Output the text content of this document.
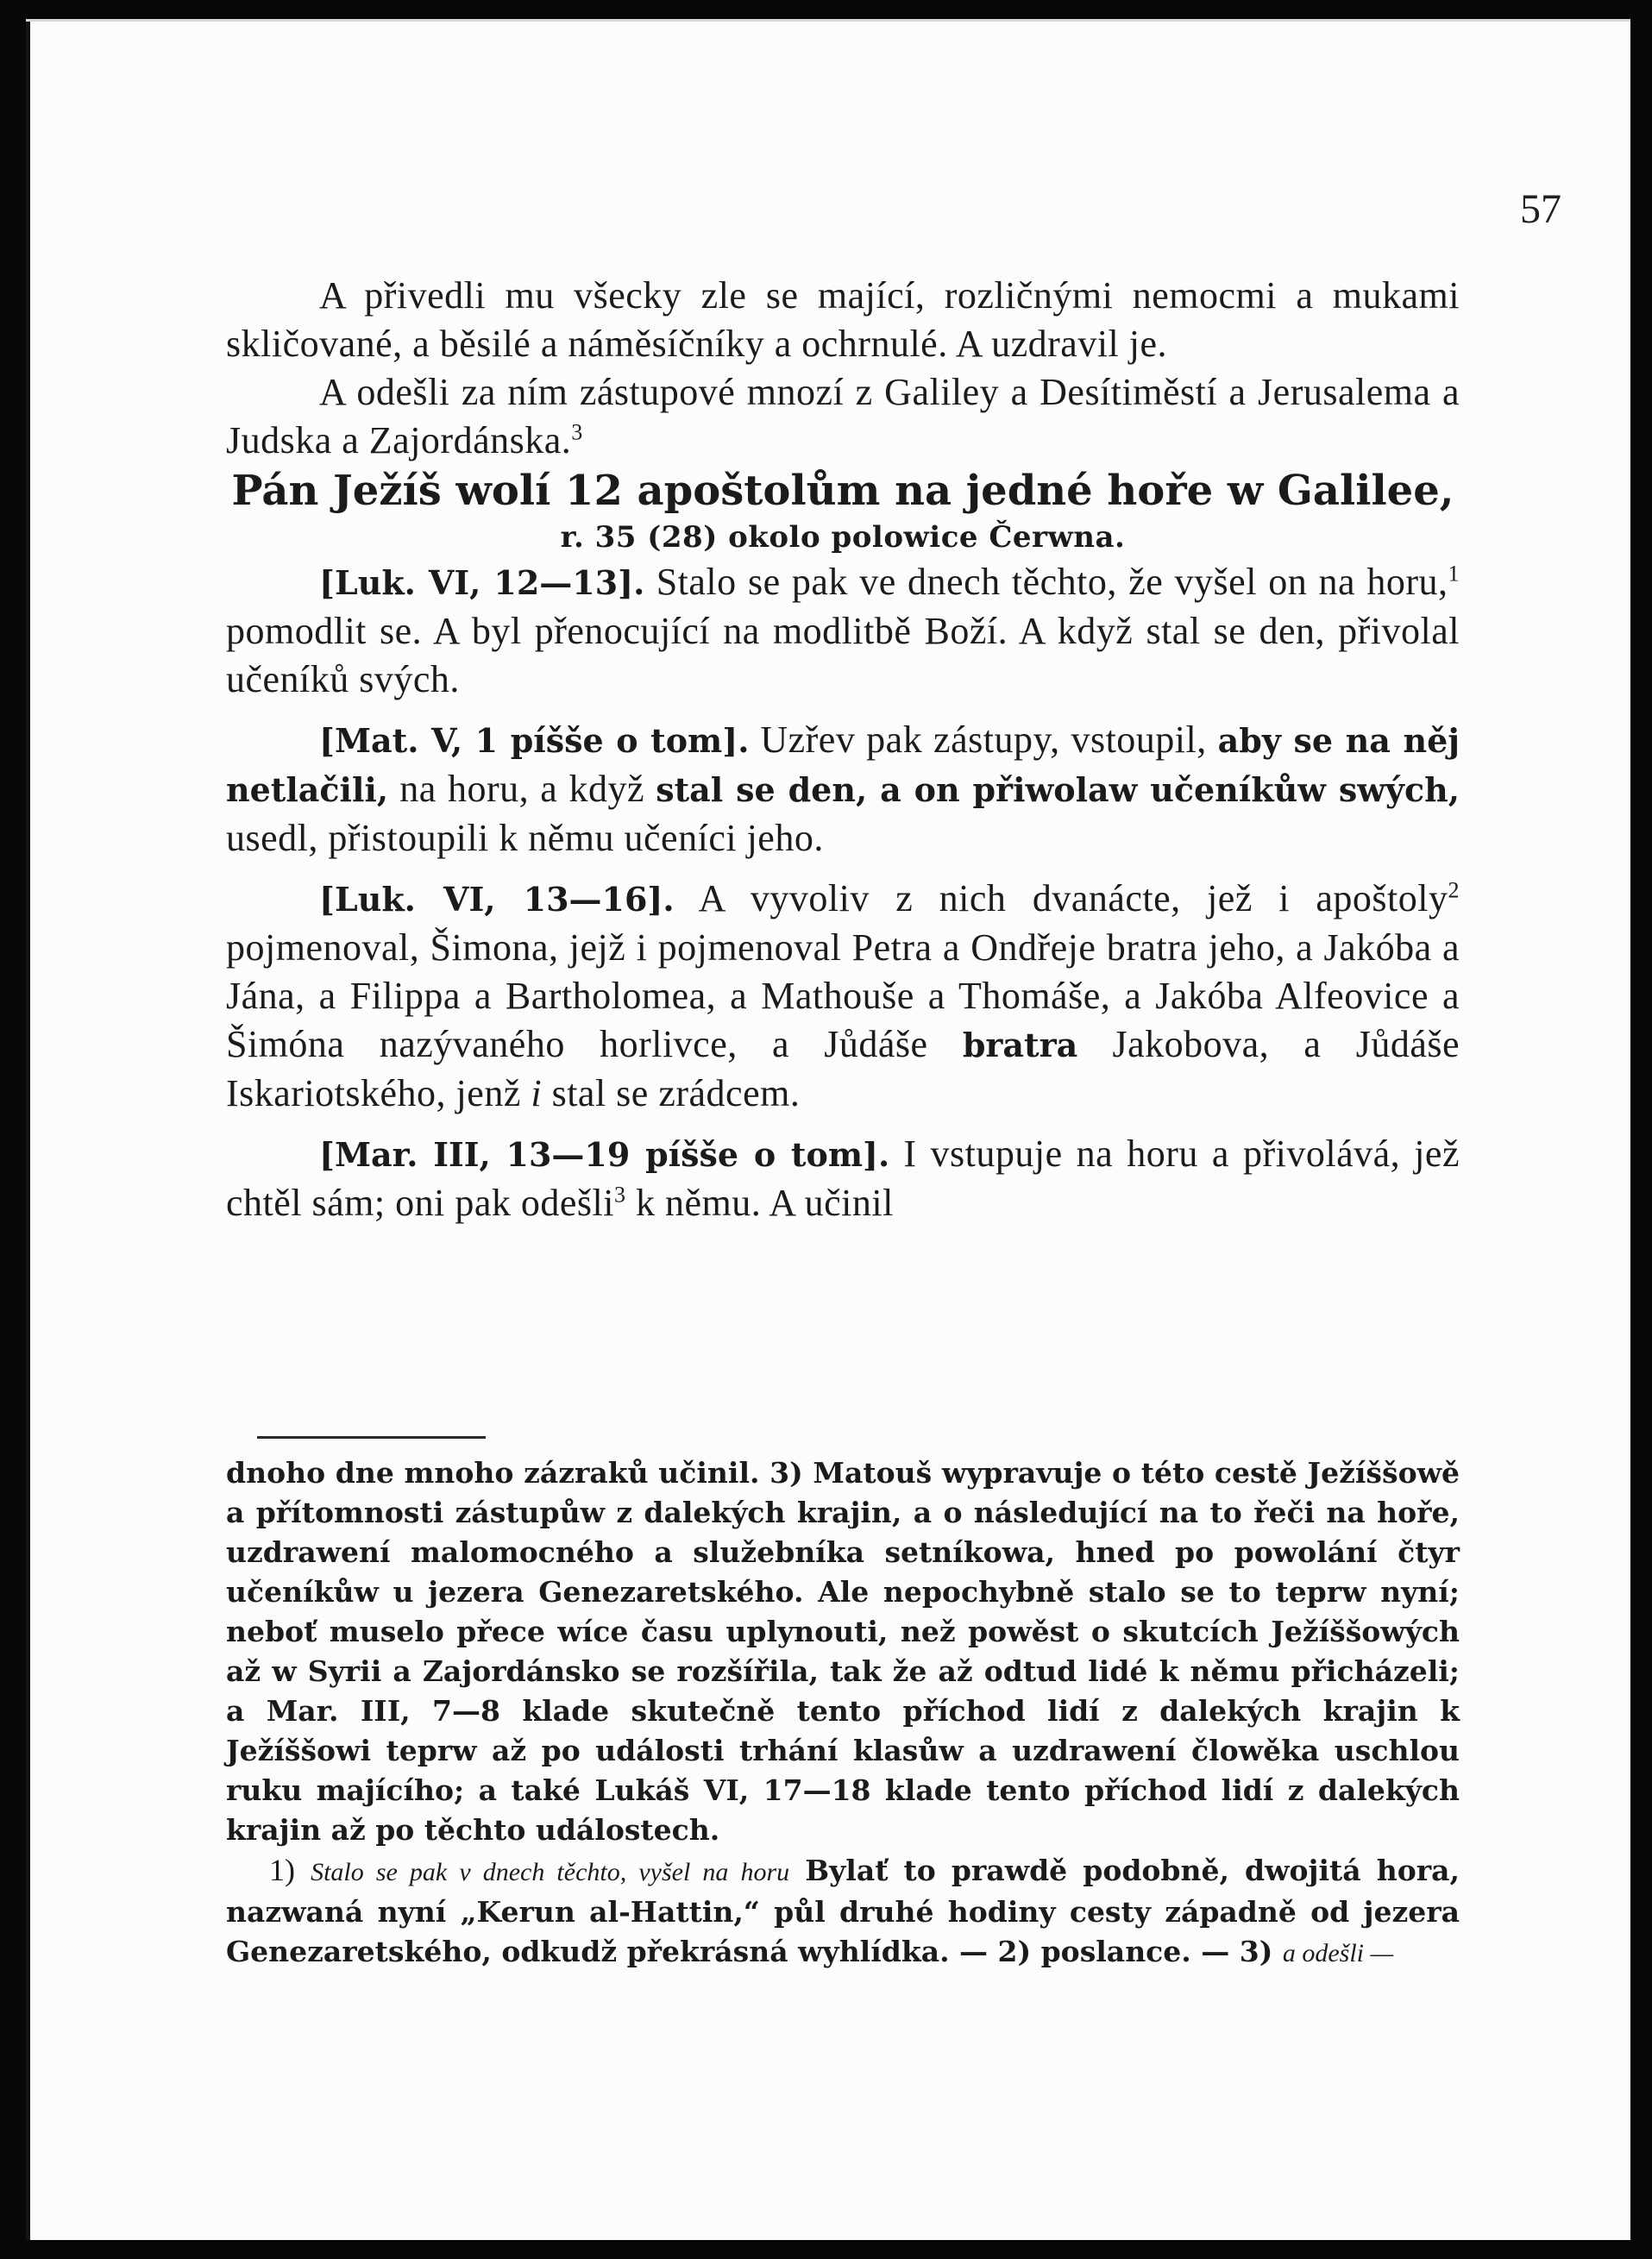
57

A přivedli mu všecky zle se mající, rozličnými nemocmi a mukami skličované, a běsilé a náměsíčníky a ochrnulé. A uzdravil je.

A odešli za ním zástupové mnozí z Galiley a Desítiměstí a Jerusalema a Judska a Zajordánska.$^3$

Pán Ježíš wolí 12 apoštolům na jedné hoře w Galilee,

r. 35 (28) okolo polowice Čerwna.

[Luk. VI, 12—13]. Stalo se pak ve dnech těchto, že vyšel on na horu,$^1$ pomodlit se. A byl přenocující na modlitbě Boží. A když stal se den, přivolal učeníků svých.

[Mat. V, 1 píšše o tom]. Uzřev pak zástupy, vstoupil, aby se na něj netlačili, na horu, a když stal se den, a on přiwolaw učeníkůw swých, usedl, přistoupili k němu učeníci jeho.

[Luk. VI, 13—16]. A vyvoliv z nich dvanácte, jež i apoštoly$^2$ pojmenoval, Šimona, jejž i pojmenoval Petra a Ondřeje bratra jeho, a Jakóba a Jána, a Filippa a Bartholomea, a Mathouše a Thomáše, a Jakóba Alfeovice a Šimóna nazývaného horlivce, a Jůdáše bratra Jakobova, a Jůdáše Iskariotského, jenž i stal se zrádcem.

[Mar. III, 13—19 píšše o tom]. I vstupuje na horu a přivolává, jež chtěl sám; oni pak odešli$^3$ k němu. A učinil

dnoho dne mnoho zázraků učinil. 3) Matouš wypravuje o této cestě Ježíššowě a přítomnosti zástupůw z dalekých krajin, a o následující na to řeči na hoře, uzdrawení malomocného a služebníka setníkowa, hned po powolání čtyr učeníkůw u jezera Genezaretského. Ale nepochybně stalo se to teprw nyní; neboť muselo přece wíce času uplynouti, než powěst o skutcích Ježíššowých až w Syrii a Zajordánsko se rozšířila, tak že až odtud lidé k němu přicházeli; a Mar. III, 7—8 klade skutečně tento příchod lidí z dalekých krajin k Ježíššowi teprw až po události trhání klasůw a uzdrawení člowěka uschlou ruku majícího; a také Lukáš VI, 17—18 klade tento příchod lidí z dalekých krajin až po těchto událostech.

1) Stalo se pak v dnech těchto, vyšel na horu Bylať to prawdě podobně, dwojitá hora, nazwaná nyní „Kerun al-Hattin,“ půl druhé hodiny cesty západně od jezera Genezaretského, odkudž překrásná wyhlídka. — 2) poslance. — 3) a odešli —
